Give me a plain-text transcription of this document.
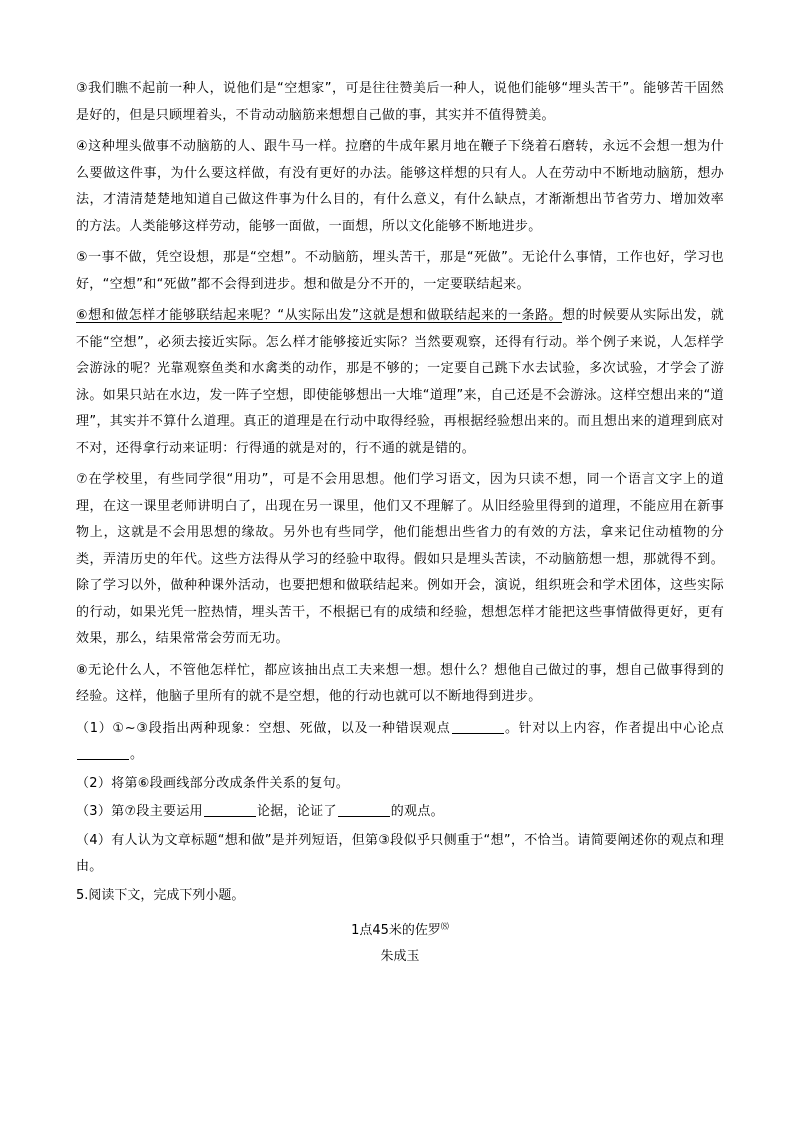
③我们瞧不起前一种人，说他们是“空想家”，可是往往赞美后一种人，说他们能够“埋头苦干”。能够苦干固然是好的，但是只顾埋着头，不肯动动脑筋来想想自己做的事，其实并不值得赞美。

④这种埋头做事不动脑筋的人、跟牛马一样。拉磨的牛成年累月地在鞭子下绕着石磨转，永远不会想一想为什么要做这件事，为什么要这样做，有没有更好的办法。能够这样想的只有人。人在劳动中不断地动脑筋，想办法，才清清楚楚地知道自己做这件事为什么目的，有什么意义，有什么缺点，才渐渐想出节省劳力、增加效率的方法。人类能够这样劳动，能够一面做，一面想，所以文化能够不断地进步。

⑤一事不做，凭空设想，那是“空想”。不动脑筋，埋头苦干，那是“死做”。无论什么事情，工作也好，学习也好，“空想”和“死做”都不会得到进步。想和做是分不开的，一定要联结起来。

⑥想和做怎样才能够联结起来呢？“从实际出发”这就是想和做联结起来的一条路。想的时候要从实际出发，就不能“空想”，必须去接近实际。怎么样才能够接近实际？当然要观察，还得有行动。举个例子来说，人怎样学会游泳的呢？光靠观察鱼类和水禽类的动作，那是不够的；一定要自己跳下水去试验，多次试验，才学会了游泳。如果只站在水边，发一阵子空想，即使能够想出一大堆“道理”来，自己还是不会游泳。这样空想出来的“道理”，其实并不算什么道理。真正的道理是在行动中取得经验，再根据经验想出来的。而且想出来的道理到底对不对，还得拿行动来证明：行得通的就是对的，行不通的就是错的。

⑦在学校里，有些同学很“用功”，可是不会用思想。他们学习语文，因为只读不想，同一个语言文字上的道理，在这一课里老师讲明白了，出现在另一课里，他们又不理解了。从旧经验里得到的道理，不能应用在新事物上，这就是不会用思想的缘故。另外也有些同学，他们能想出些省力的有效的方法，拿来记住动植物的分类，弄清历史的年代。这些方法得从学习的经验中取得。假如只是埋头苦读，不动脑筋想一想，那就得不到。除了学习以外，做种种课外活动，也要把想和做联结起来。例如开会，演说，组织班会和学术团体，这些实际的行动，如果光凭一腔热情，埋头苦干，不根据已有的成绩和经验，想想怎样才能把这些事情做得更好，更有效果，那么，结果常常会劳而无功。

⑧无论什么人，不管他怎样忙，都应该抽出点工夫来想一想。想什么？想他自己做过的事，想自己做事得到的经验。这样，他脑子里所有的就不是空想，他的行动也就可以不断地得到进步。

（1）①~③段指出两种现象：空想、死做，以及一种错误观点	。针对以上内容，作者提出中心论点。

（2）将第⑥段画线部分改成条件关系的复句。

（3）第⑦段主要运用	论据，论证了	的观点。

（4）有人认为文章标题“想和做”是并列短语，但第③段似乎只侧重于“想”，不恰当。请简要阐述你的观点和理由。

5.阅读下文，完成下列小题。

1点45米的佐罗⑻
朱成玉
